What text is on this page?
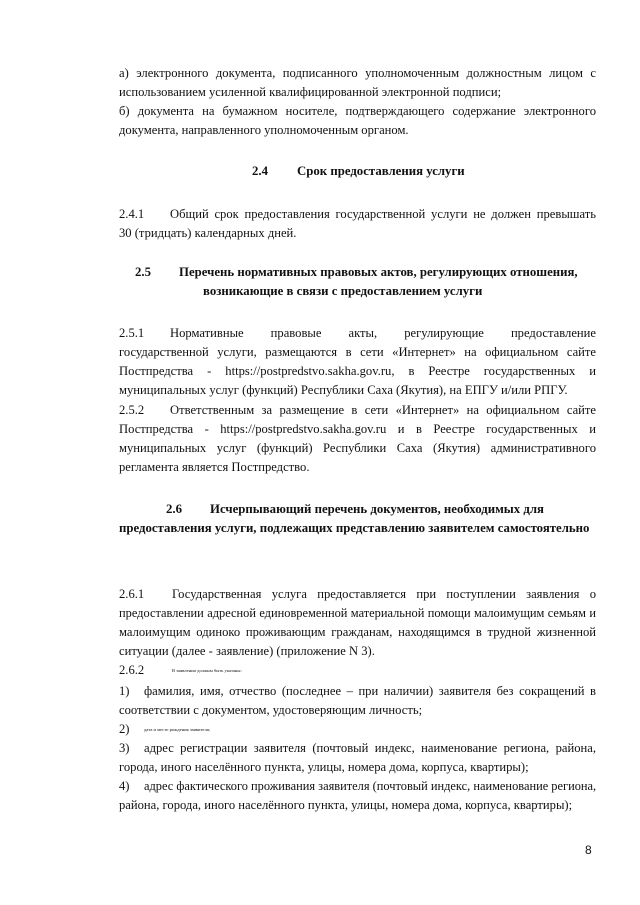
а) электронного документа, подписанного уполномоченным должностным лицом с
использованием усиленной квалифицированной электронной подписи;
б) документа на бумажном носителе, подтверждающего содержание электронного
документа, направленного уполномоченным органом.
2.4 Срок предоставления услуги
2.4.1	Общий срок предоставления государственной услуги не должен превышать
30 (тридцать) календарных дней.
2.5 Перечень нормативных правовых актов, регулирующих отношения,
возникающие в связи с предоставлением услуги
2.5.1	Нормативные правовые акты, регулирующие предоставление
государственной услуги, размещаются в сети «Интернет» на официальном сайте
Постпредства - https://postpredstvo.sakha.gov.ru, в Реестре государственных и
муниципальных услуг (функций) Республики Саха (Якутия), на ЕПГУ и/или РПГУ.
2.5.2	Ответственным за размещение в сети «Интернет» на официальном сайте
Постпредства - https://postpredstvo.sakha.gov.ru и в Реестре государственных и
муниципальных услуг (функций) Республики Саха (Якутия) административного
регламента является Постпредство.
2.6 Исчерпывающий перечень документов, необходимых для
предоставления услуги, подлежащих представлению заявителем самостоятельно
2.6.1	Государственная услуга предоставляется при поступлении заявления о
предоставлении адресной единовременной материальной помощи малоимущим семьям и
малоимущим одиноко проживающим гражданам, находящимся в трудной жизненной
ситуации (далее - заявление) (приложение N 3).
2.6.2	В заявлении должны быть указаны:
1)	фамилия, имя, отчество (последнее – при наличии) заявителя без сокращений в
соответствии с документом, удостоверяющим личность;
2)	дата и место рождения заявителя;
3)	адрес регистрации заявителя (почтовый индекс, наименование региона, района,
города, иного населённого пункта, улицы, номера дома, корпуса, квартиры);
4)	адрес фактического проживания заявителя (почтовый индекс, наименование региона,
района, города, иного населённого пункта, улицы, номера дома, корпуса, квартиры);
8
